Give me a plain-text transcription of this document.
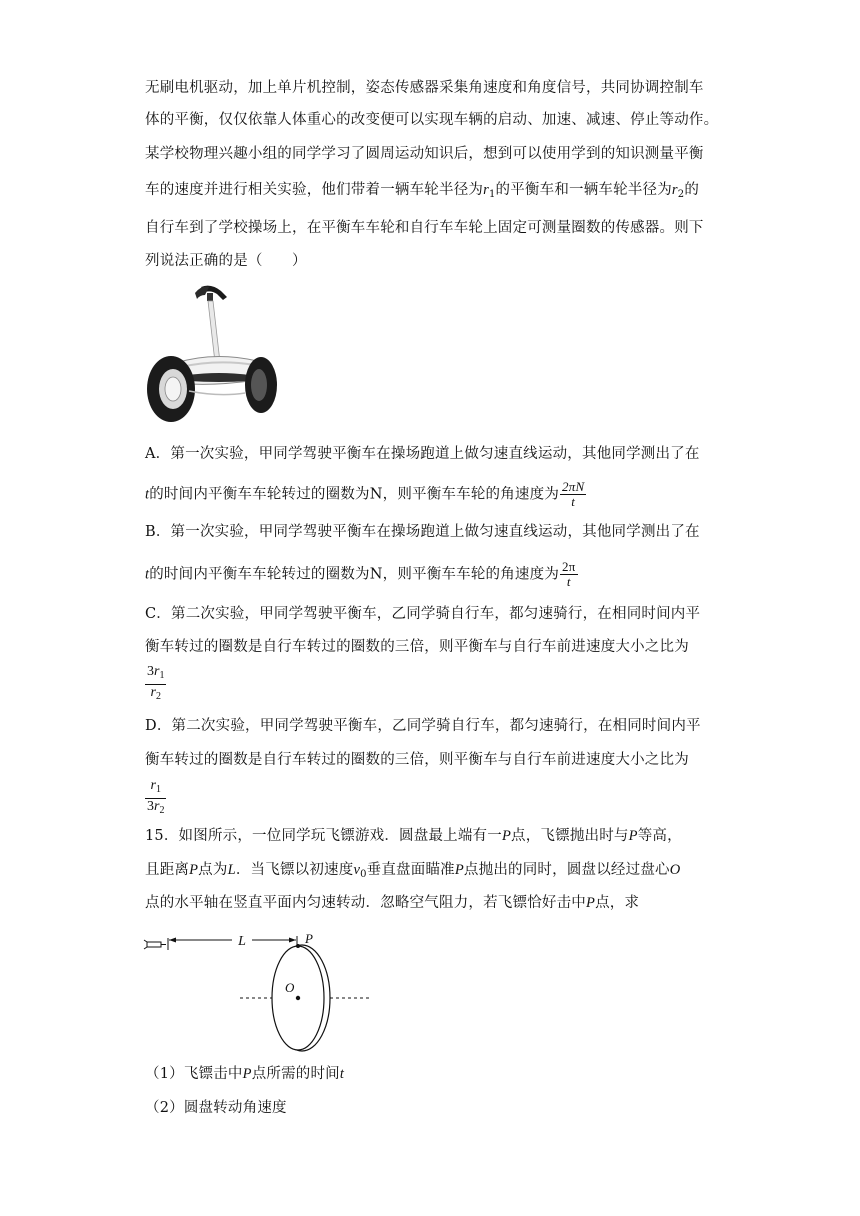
无刷电机驱动，加上单片机控制，姿态传感器采集角速度和角度信号，共同协调控制车
体的平衡，仅仅依靠人体重心的改变便可以实现车辆的启动、加速、减速、停止等动作。
某学校物理兴趣小组的同学学习了圆周运动知识后，想到可以使用学到的知识测量平衡
车的速度并进行相关实验，他们带着一辆车轮半径为$r_1$的平衡车和一辆车轮半径为$r_2$的
自行车到了学校操场上，在平衡车车轮和自行车车轮上固定可测量圈数的传感器。则下
列说法正确的是（　　）
A．第一次实验，甲同学驾驶平衡车在操场跑道上做匀速直线运动，其他同学测出了在
t的时间内平衡车车轮转过的圈数为N，则平衡车车轮的角速度为 $\frac{2\pi N}{t}$
B．第一次实验，甲同学驾驶平衡车在操场跑道上做匀速直线运动，其他同学测出了在
t的时间内平衡车车轮转过的圈数为N，则平衡车车轮的角速度为 $\frac{2\pi}{t}$
C．第二次实验，甲同学驾驶平衡车，乙同学骑自行车，都匀速骑行，在相同时间内平
衡车转过的圈数是自行车转过的圈数的三倍，则平衡车与自行车前进速度大小之比为
$\frac{3r_1}{r_2}$
D．第二次实验，甲同学驾驶平衡车，乙同学骑自行车，都匀速骑行，在相同时间内平
衡车转过的圈数是自行车转过的圈数的三倍，则平衡车与自行车前进速度大小之比为
$\frac{r_1}{3r_2}$
15．如图所示，一位同学玩飞镖游戏．圆盘最上端有一P点，飞镖抛出时与P等高，
且距离P点为L．当飞镖以初速度$v_0$垂直盘面瞄准P点抛出的同时，圆盘以经过盘心O
点的水平轴在竖直平面内匀速转动．忽略空气阻力，若飞镖恰好击中P点，求
L	P
O
（1）飞镖击中P点所需的时间t
（2）圆盘转动角速度
